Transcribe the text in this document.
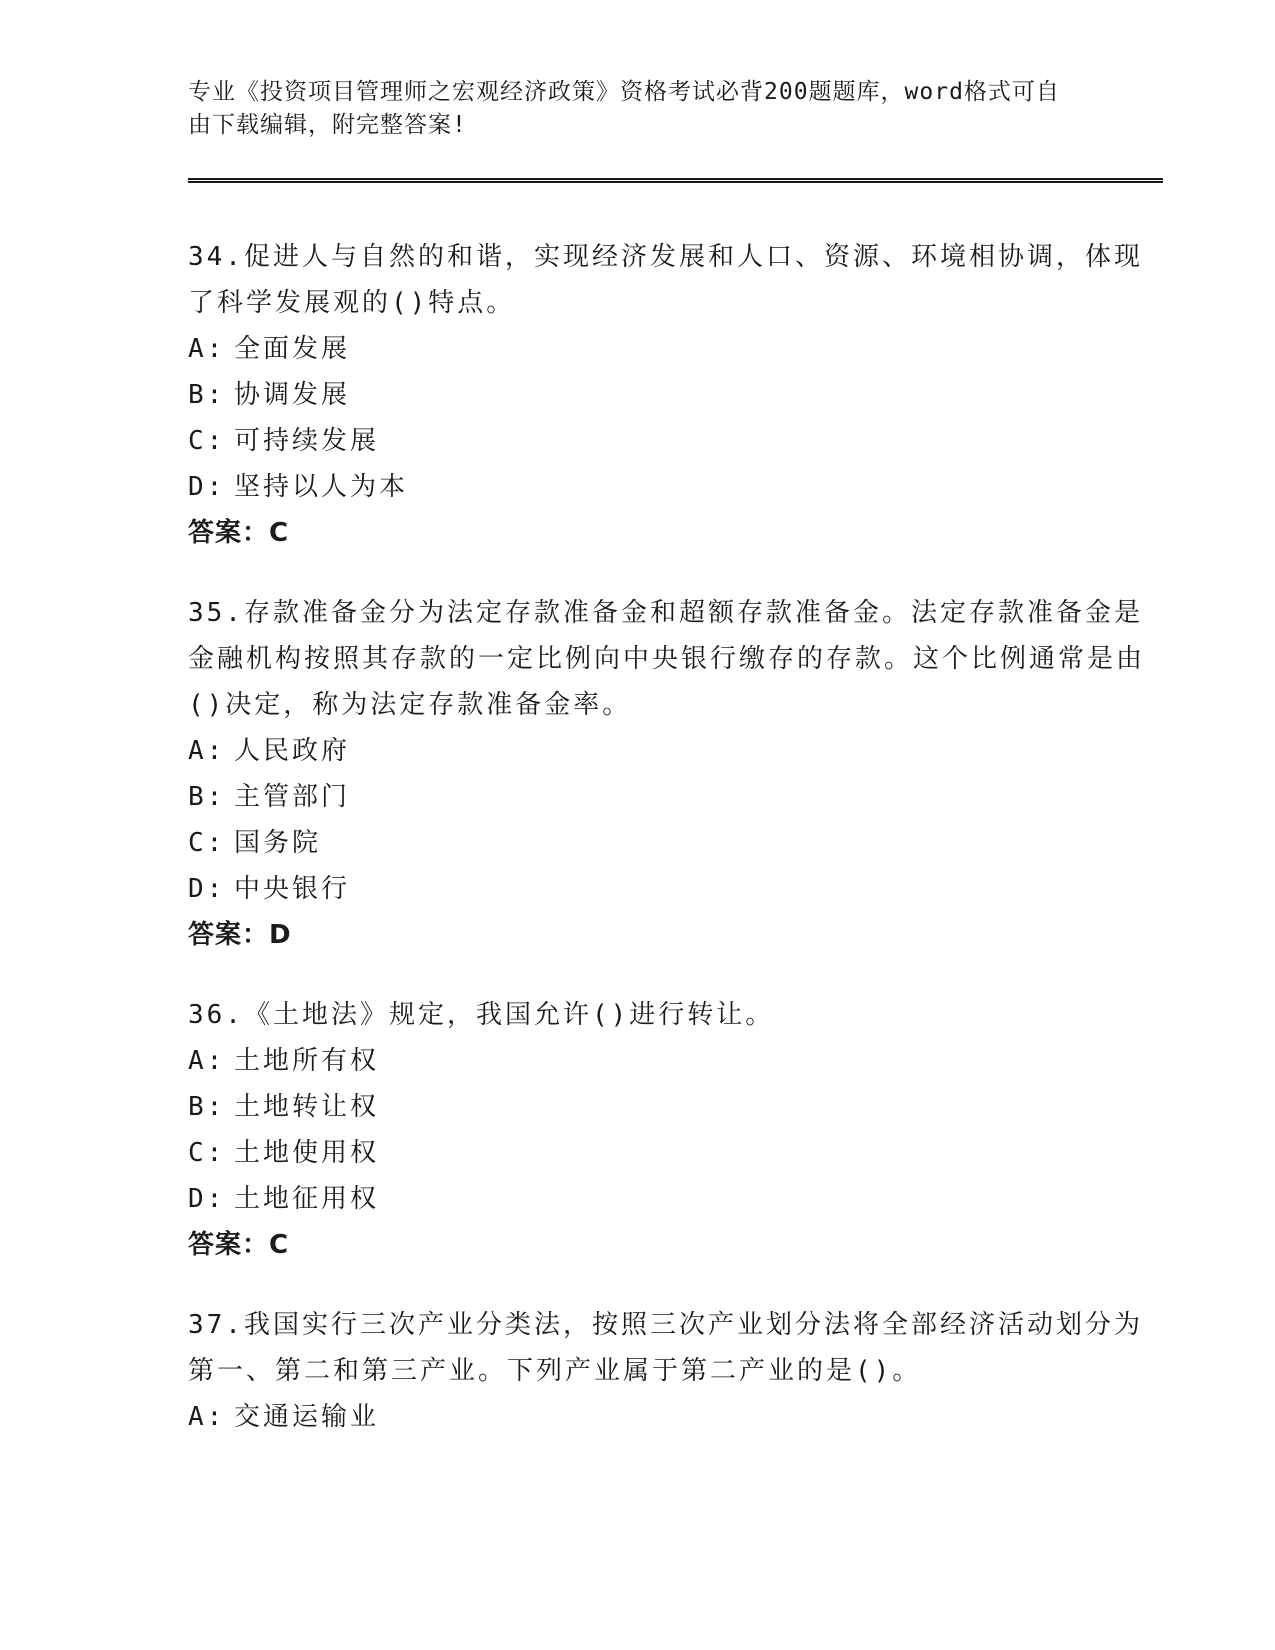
专业《投资项目管理师之宏观经济政策》资格考试必背200题题库，word格式可自由下载编辑，附完整答案!

34.促进人与自然的和谐，实现经济发展和人口、资源、环境相协调，体现了科学发展观的()特点。

A: 全面发展
B: 协调发展
C: 可持续发展
D: 坚持以人为本
答案：C

35.存款准备金分为法定存款准备金和超额存款准备金。法定存款准备金是金融机构按照其存款的一定比例向中央银行缴存的存款。这个比例通常是由()决定，称为法定存款准备金率。

A: 人民政府
B: 主管部门
C: 国务院
D: 中央银行
答案：D

36.《土地法》规定，我国允许()进行转让。

A: 土地所有权
B: 土地转让权
C: 土地使用权
D: 土地征用权
答案：C

37.我国实行三次产业分类法，按照三次产业划分法将全部经济活动划分为第一、第二和第三产业。下列产业属于第二产业的是()。

A: 交通运输业
